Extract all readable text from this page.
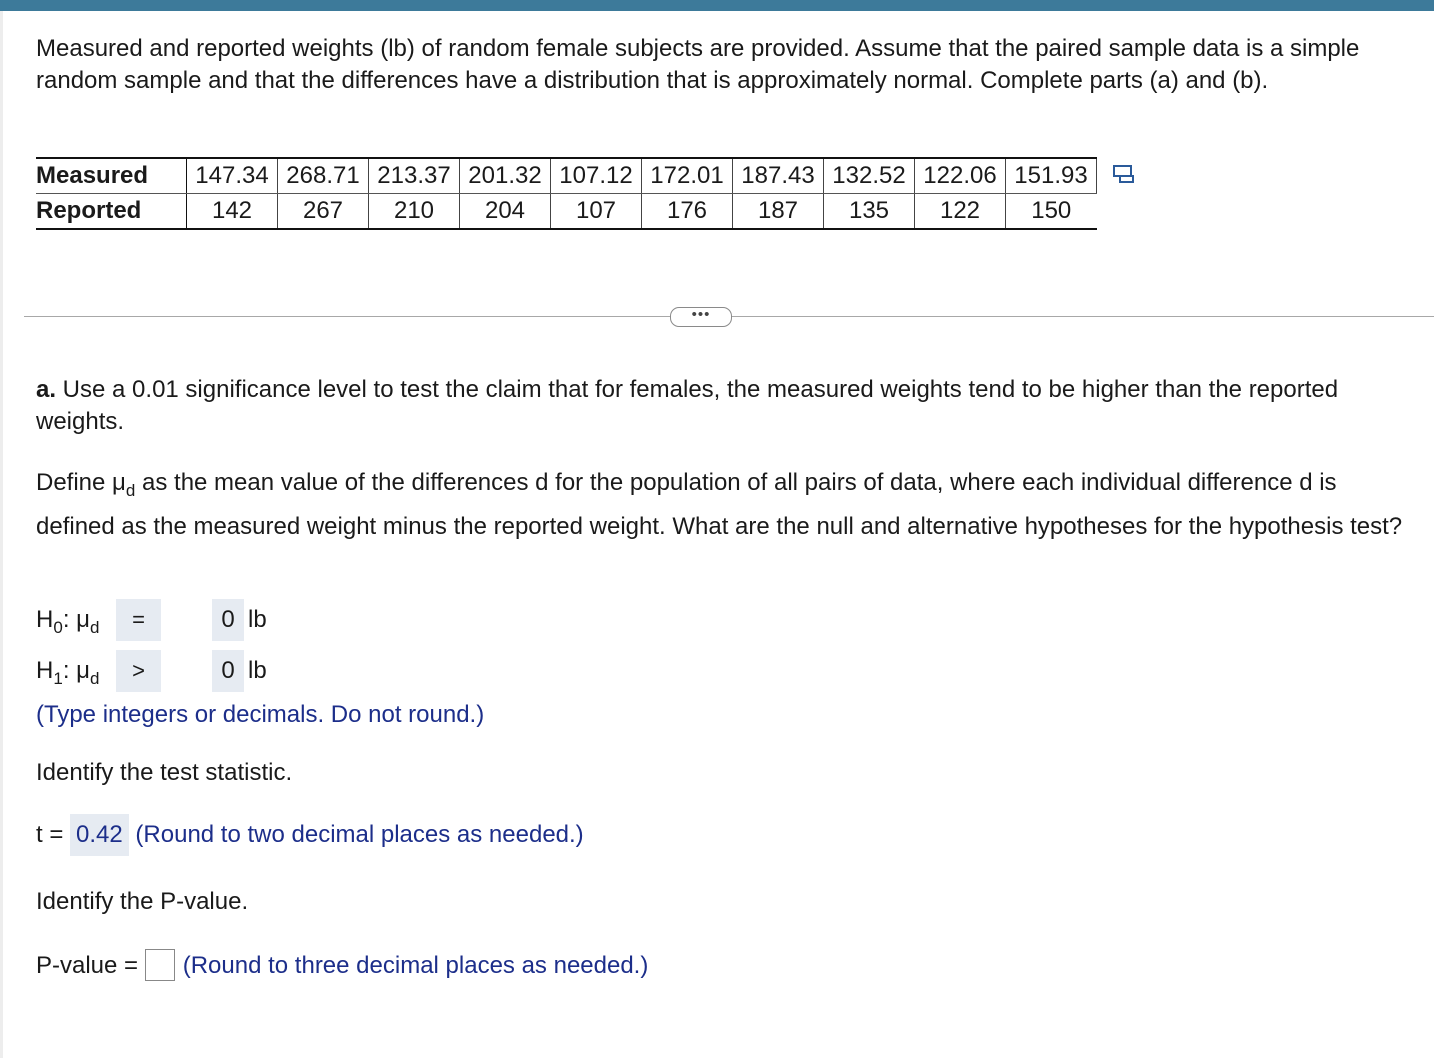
Measured and reported weights (lb) of random female subjects are provided. Assume that the paired sample data is a simple random sample and that the differences have a distribution that is approximately normal. Complete parts (a) and (b).

Measured	147.34	268.71	213.37	201.32	107.12	172.01	187.43	132.52	122.06	151.93
Reported	142	267	210	204	107	176	187	135	122	150
•••

a. Use a 0.01 significance level to test the claim that for females, the measured weights tend to be higher than the reported weights.

Define $\mu_d$ as the mean value of the differences d for the population of all pairs of data, where each individual difference d is defined as the measured weight minus the reported weight. What are the null and alternative hypotheses for the hypothesis test?

$H_0$: $\mu_d$	=	0 lb
$H_1$: $\mu_d$	>	0 lb

(Type integers or decimals. Do not round.)

Identify the test statistic.

t = 0.42 (Round to two decimal places as needed.)

Identify the P-value.

P-value = (Round to three decimal places as needed.)
